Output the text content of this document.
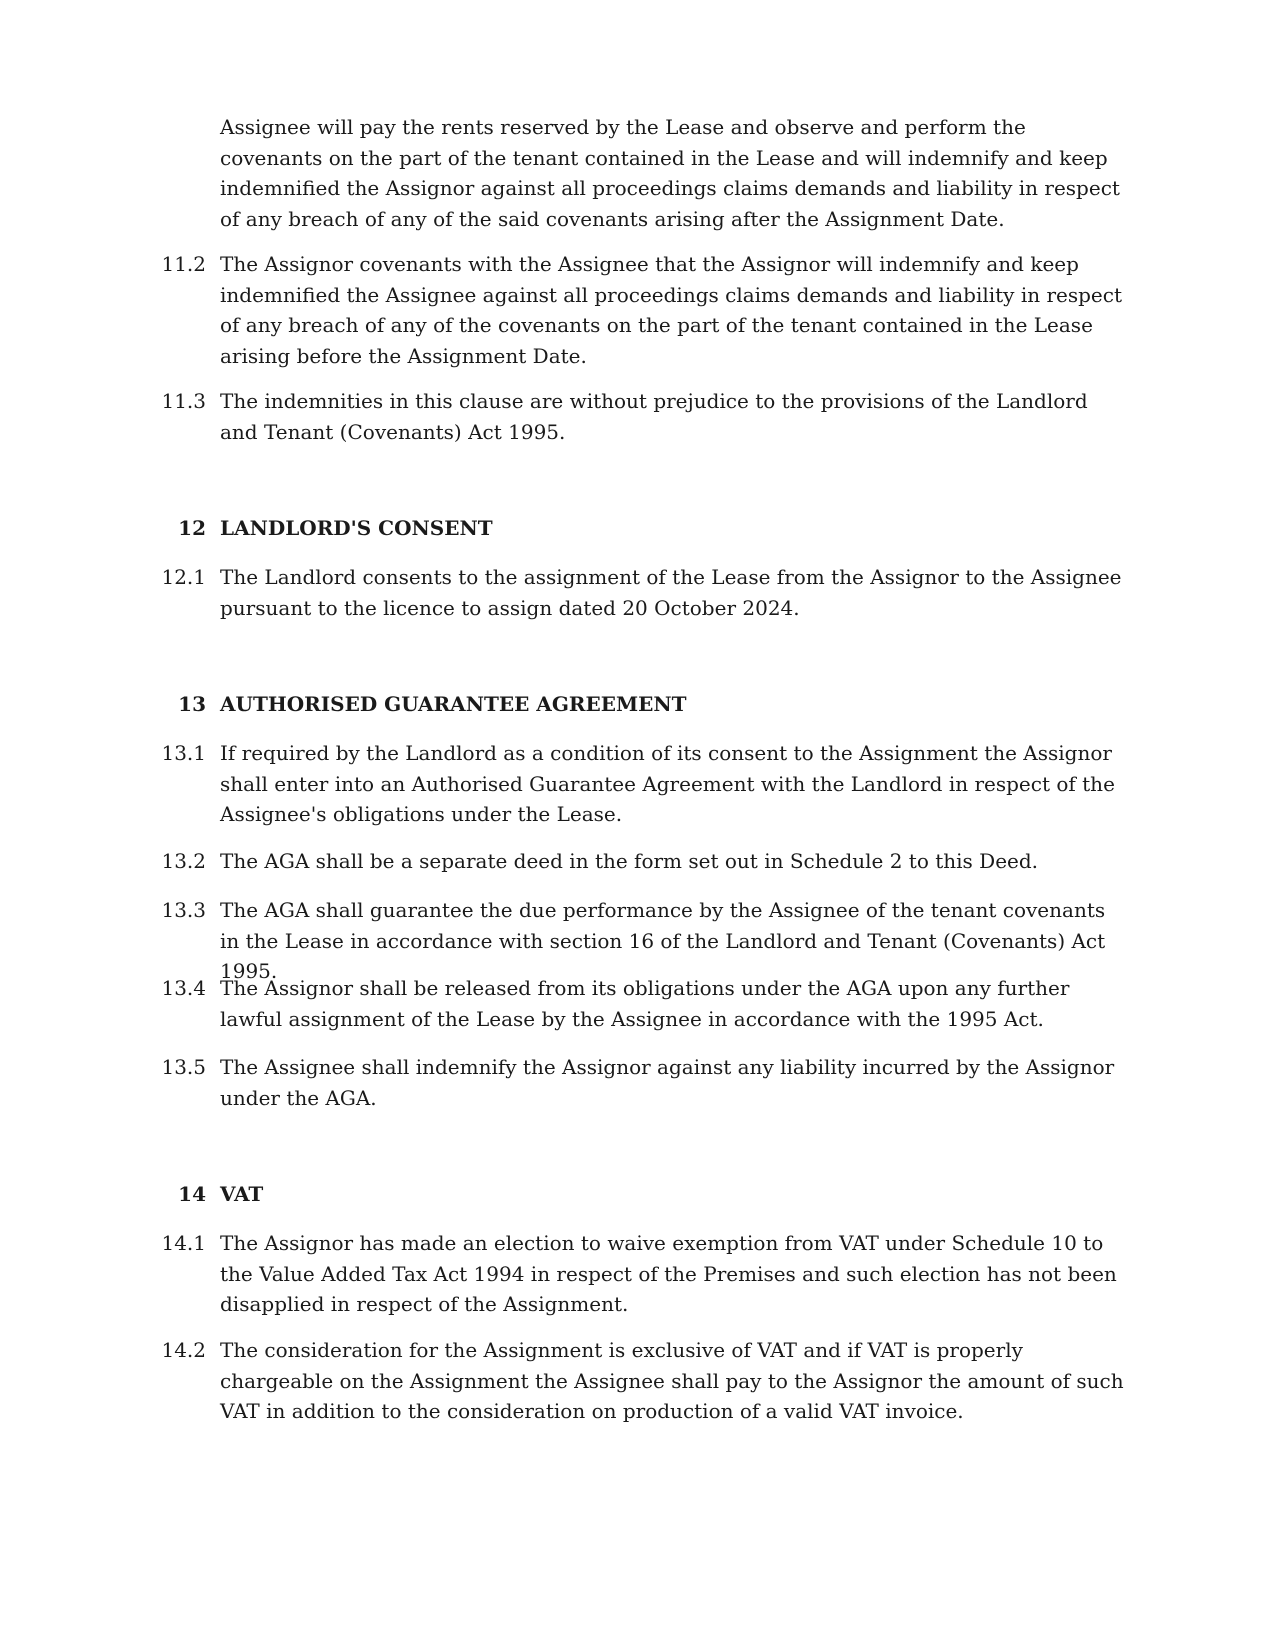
Assignee will pay the rents reserved by the Lease and observe and perform the covenants on the part of the tenant contained in the Lease and will indemnify and keep indemnified the Assignor against all proceedings claims demands and liability in respect of any breach of any of the said covenants arising after the Assignment Date.
11.2 The Assignor covenants with the Assignee that the Assignor will indemnify and keep indemnified the Assignee against all proceedings claims demands and liability in respect of any breach of any of the covenants on the part of the tenant contained in the Lease arising before the Assignment Date.
11.3 The indemnities in this clause are without prejudice to the provisions of the Landlord and Tenant (Covenants) Act 1995.
12 LANDLORD'S CONSENT
12.1 The Landlord consents to the assignment of the Lease from the Assignor to the Assignee pursuant to the licence to assign dated 20 October 2024.
13 AUTHORISED GUARANTEE AGREEMENT
13.1 If required by the Landlord as a condition of its consent to the Assignment the Assignor shall enter into an Authorised Guarantee Agreement with the Landlord in respect of the Assignee's obligations under the Lease.
13.2 The AGA shall be a separate deed in the form set out in Schedule 2 to this Deed.
13.3 The AGA shall guarantee the due performance by the Assignee of the tenant covenants in the Lease in accordance with section 16 of the Landlord and Tenant (Covenants) Act 1995.
13.4 The Assignor shall be released from its obligations under the AGA upon any further lawful assignment of the Lease by the Assignee in accordance with the 1995 Act.
13.5 The Assignee shall indemnify the Assignor against any liability incurred by the Assignor under the AGA.
14 VAT
14.1 The Assignor has made an election to waive exemption from VAT under Schedule 10 to the Value Added Tax Act 1994 in respect of the Premises and such election has not been disapplied in respect of the Assignment.
14.2 The consideration for the Assignment is exclusive of VAT and if VAT is properly chargeable on the Assignment the Assignee shall pay to the Assignor the amount of such VAT in addition to the consideration on production of a valid VAT invoice.
